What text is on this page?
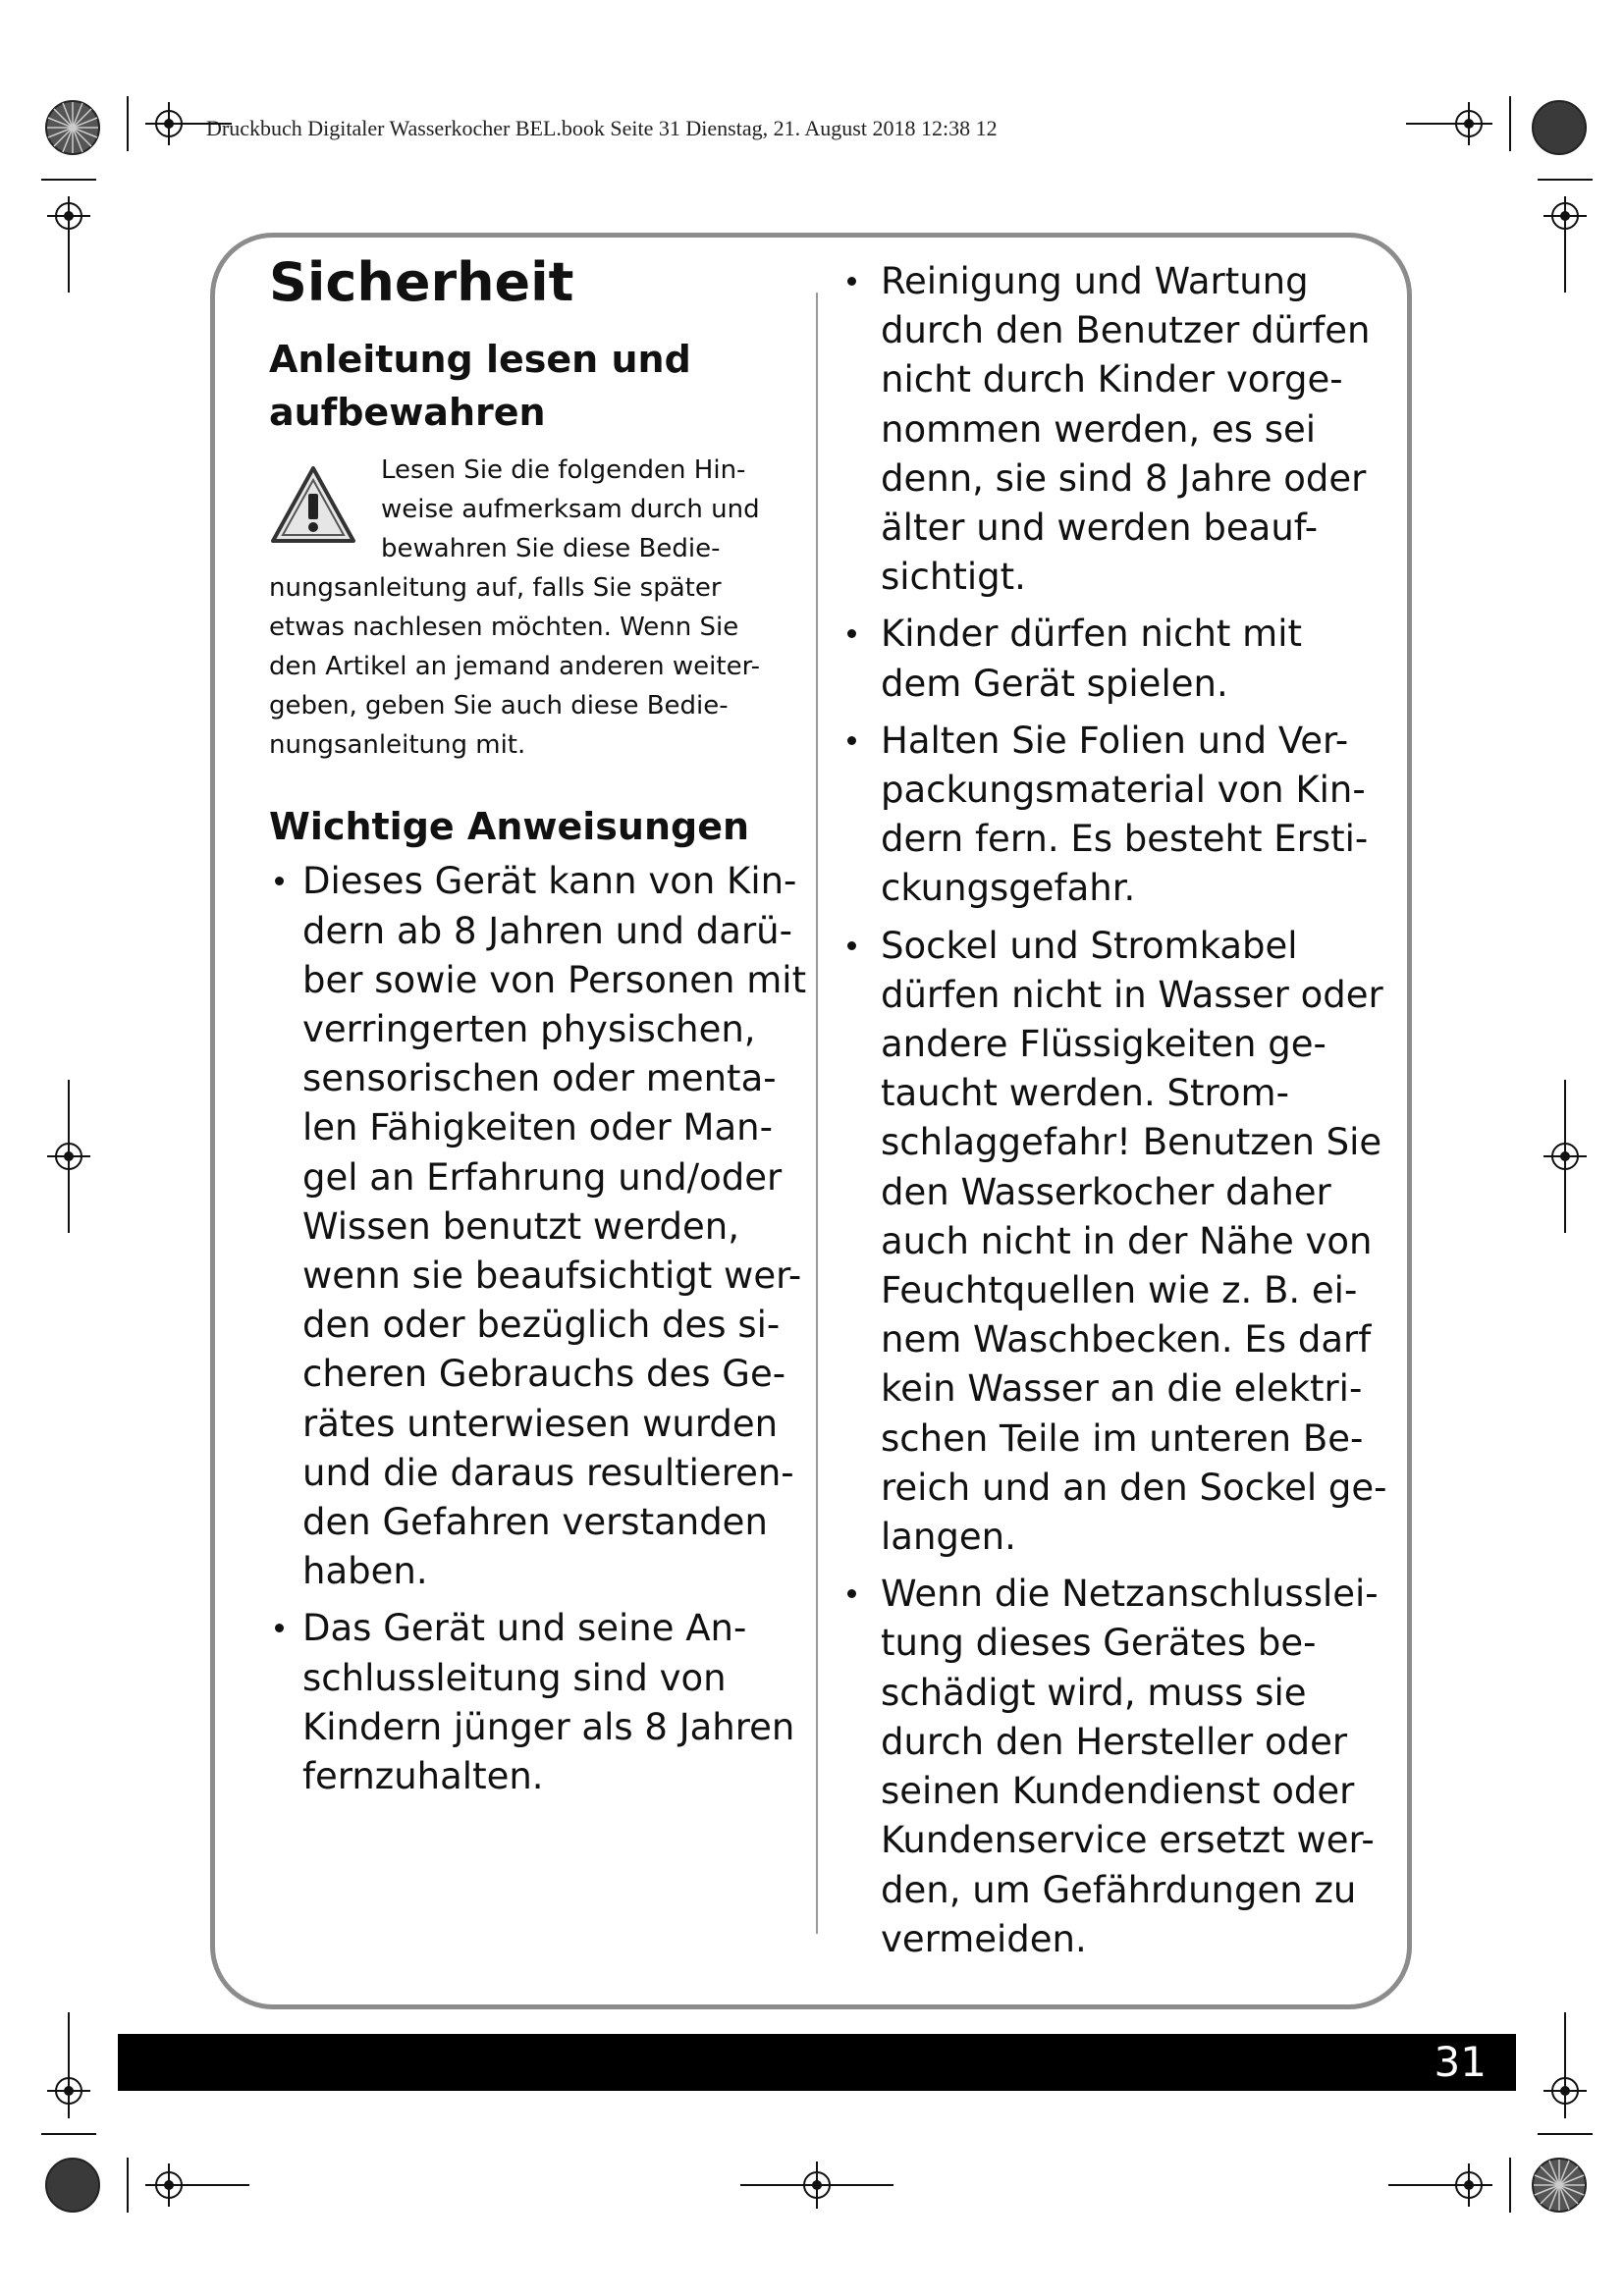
Druckbuch Digitaler Wasserkocher BEL.book Seite 31 Dienstag, 21. August 2018 12:38 12
Sicherheit
Anleitung lesen und
aufbewahren
Lesen Sie die folgenden Hin-
weise aufmerksam durch und
bewahren Sie diese Bedie-
nungsanleitung auf, falls Sie später
etwas nachlesen möchten. Wenn Sie
den Artikel an jemand anderen weiter-
geben, geben Sie auch diese Bedie-
nungsanleitung mit.
Wichtige Anweisungen
Dieses Gerät kann von Kin-
dern ab 8 Jahren und darü-
ber sowie von Personen mit
verringerten physischen,
sensorischen oder menta-
len Fähigkeiten oder Man-
gel an Erfahrung und/oder
Wissen benutzt werden,
wenn sie beaufsichtigt wer-
den oder bezüglich des si-
cheren Gebrauchs des Ge-
rätes unterwiesen wurden
und die daraus resultieren-
den Gefahren verstanden
haben.
Das Gerät und seine An-
schlussleitung sind von
Kindern jünger als 8 Jahren
fernzuhalten.
Reinigung und Wartung
durch den Benutzer dürfen
nicht durch Kinder vorge-
nommen werden, es sei
denn, sie sind 8 Jahre oder
älter und werden beauf-
sichtigt.
Kinder dürfen nicht mit
dem Gerät spielen.
Halten Sie Folien und Ver-
packungsmaterial von Kin-
dern fern. Es besteht Ersti-
ckungsgefahr.
Sockel und Stromkabel
dürfen nicht in Wasser oder
andere Flüssigkeiten ge-
taucht werden. Strom-
schlaggefahr! Benutzen Sie
den Wasserkocher daher
auch nicht in der Nähe von
Feuchtquellen wie z. B. ei-
nem Waschbecken. Es darf
kein Wasser an die elektri-
schen Teile im unteren Be-
reich und an den Sockel ge-
langen.
Wenn die Netzanschlusslei-
tung dieses Gerätes be-
schädigt wird, muss sie
durch den Hersteller oder
seinen Kundendienst oder
Kundenservice ersetzt wer-
den, um Gefährdungen zu
vermeiden.
31
